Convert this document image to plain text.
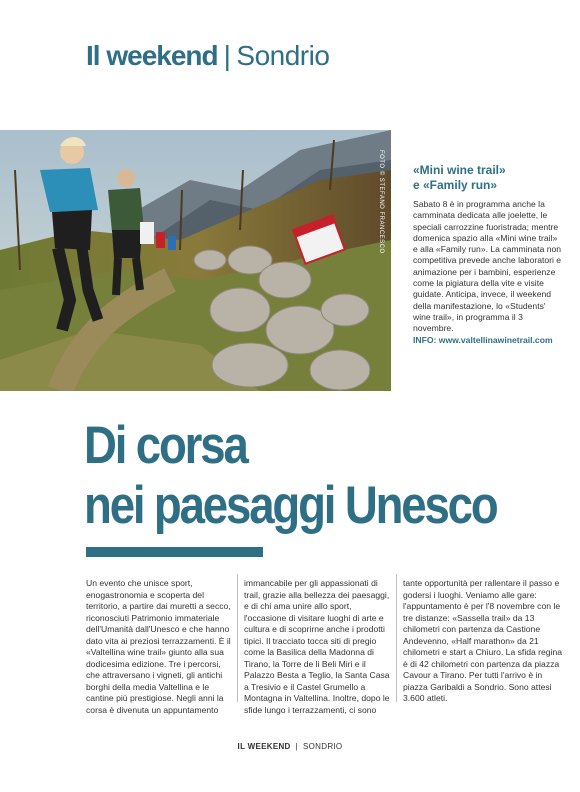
Il weekend | Sondrio
FOTO © STEFANO FRANCESCO «Mini wine trail»
e «Family run»

Sabato 8 è in programma anche la camminata dedicata alle joelette, le speciali carrozzine fuoristrada; mentre domenica spazio alla «Mini wine trail» e alla «Family run». La camminata non competitiva prevede anche laboratori e animazione per i bambini, esperienze come la pigiatura della vite e visite guidate. Anticipa, invece, il weekend della manifestazione, lo «Students' wine trail», in programma il 3 novembre.

INFO: www.valtellinawinetrail.com

Di corsa
nei paesaggi Unesco
Un evento che unisce sport, enogastronomia e scoperta del territorio, a partire dai muretti a secco, riconosciuti Patrimonio immateriale dell'Umanità dall'Unesco e che hanno dato vita ai preziosi terrazzamenti. È il «Valtellina wine trail» giunto alla sua dodicesima edizione. Tre i percorsi, che attraversano i vigneti, gli antichi borghi della media Valtellina e le cantine più prestigiose. Negli anni la corsa è divenuta un appuntamento
immancabile per gli appassionati di trail, grazie alla bellezza dei paesaggi, e di chi ama unire allo sport, l'occasione di visitare luoghi di arte e cultura e di scoprirne anche i prodotti tipici. Il tracciato tocca siti di pregio come la Basilica della Madonna di Tirano, la Torre de li Beli Miri e il Palazzo Besta a Teglio, la Santa Casa a Tresivio e il Castel Grumello a Montagna in Valtellina. Inoltre, dopo le sfide lungo i terrazzamenti, ci sono
tante opportunità per rallentare il passo e godersi i luoghi. Veniamo alle gare: l'appuntamento è per l'8 novembre con le tre distanze: «Sassella trail» da 13 chilometri con partenza da Castione Andevenno, «Half marathon» da 21 chilometri e start a Chiuro. La sfida regina è di 42 chilometri con partenza da piazza Cavour a Tirano. Per tutti l'arrivo è in piazza Garibaldi a Sondrio. Sono attesi 3.600 atleti.
IL WEEKEND | SONDRIO
